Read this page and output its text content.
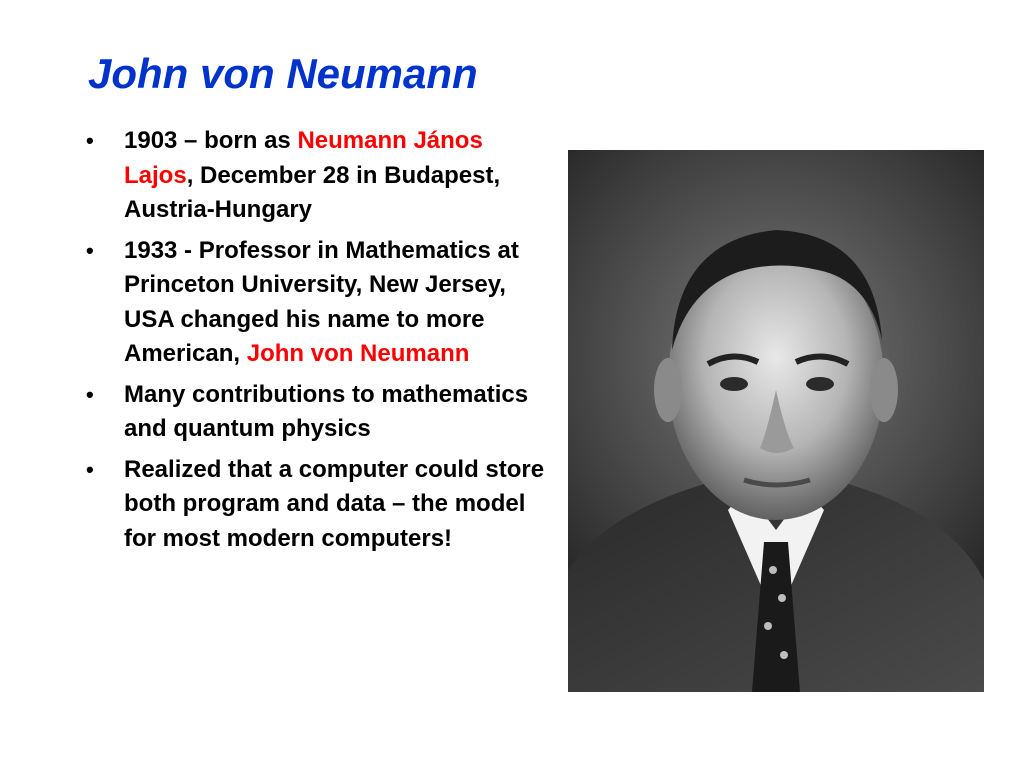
John von Neumann
• 1903 – born as Neumann János Lajos, December 28 in Budapest, Austria-Hungary
• 1933 - Professor in Mathematics at Princeton University, New Jersey, USA changed his name to more American, John von Neumann
• Many contributions to mathematics and quantum physics
• Realized that a computer could store both program and data – the model for most modern computers!
